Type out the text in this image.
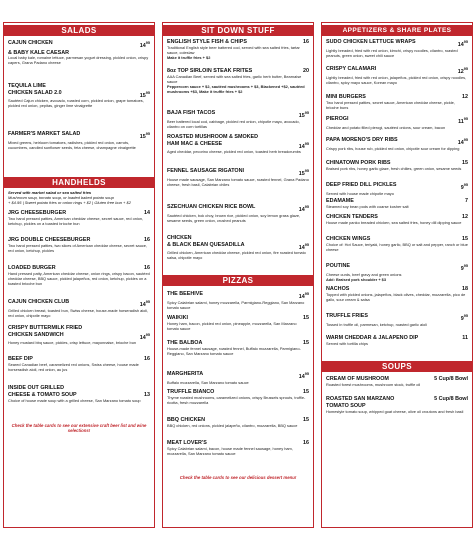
SALADS
CAJUN CHICKEN	$14^{95}$
& BABY KALE CAESAR
Local baby kale, romaine lettuce, parmesan yogurt dressing, pickled onion, crispy capers, Grana Padano cheese
TEQUILA LIME
CHICKEN SALAD 2.0	$15^{95}$
Sautéed Cajun chicken, avocado, roasted corn, pickled onion, grape tomatoes, pickled red onion, pepitas, ginger lime vinaigrette
FARMER'S MARKET SALAD	$15^{95}$
Mixed greens, heirloom tomatoes, radishes, pickled red onion, carrots, cucumbers, candied sunflower seeds, feta cheese, champagne vinaigrette
HANDHELDS
Served with market salad or sea salted fries
Mushroom soup, tomato soup, or loaded baked potato soup
+ $4.95 | Sweet potato fries or onion rings + $2 | Gluten free bun + $2
JRG CHEESEBURGER	14
Two hand pressed patties, American cheddar cheese, secret sauce, red onion, ketchup, pickles on a toasted brioche bun
JRG DOUBLE CHEESEBURGER	16
Two hand pressed patties, two slices of American cheddar cheese, secret sauce, red onion, ketchup, pickles
LOADED BURGER	16
Hand pressed patty, American cheddar cheese, onion rings, crispy bacon, sautéed cheddar cheese, BBQ sauce, pickled jalapeños, red onion, ketchup, pickles on a toasted brioche bun
CAJUN CHICKEN CLUB	$14^{95}$
Grilled chicken breast, toasted bun, Swiss cheese, house-made horseradish aioli, red onion, chipotle mayo
CRISPY BUTTERMILK FRIED
CHICKEN SANDWICH	$14^{95}$
Honey mustard bbq sauce, pickles, crisp lettuce, mayonnaise, brioche bun
BEEF DIP	16
Seared Canadian beef, caramelized red onions, Swiss cheese, house made horseradish aioli, red onion, au jus
INSIDE OUT GRILLED
CHEESE & TOMATO SOUP	13
Choice of house made soup with a grilled cheese, San Marzano tomato soup
Check the table cards to see our extensive craft beer list and wine selections!
SIT DOWN STUFF
ENGLISH STYLE FISH & CHIPS	16
Traditional English style beer battered cod, served with sea salted fries, tartar sauce, coleslaw
Make it truffle fries + $2
8oz TOP SIRLOIN STEAK FRITES	20
AAA Canadian Beef, served with sea salted fries, garlic herb butter, Bearnaise sauce
Peppercorn sauce + $2, sautéed mushrooms + $3, Blackened +$2, sautéed mushrooms +$3, Make it truffle fries + $2
BAJA FISH TACOS	$15^{95}$
Beer battered local cod, cabbage, pickled red onion, chipotle mayo, avocado, cilantro on corn tortillas
ROASTED MUSHROOM & SMOKED
HAM MAC & CHEESE	$14^{95}$
Aged cheddar, pecorino cheese, pickled red onion, toasted herb breadcrumbs
FENNEL SAUSAGE RIGATONI	$15^{95}$
House made sausage, San Marzano tomato sauce, roasted fennel, Grana Padano cheese, fresh basil, Calabrian chiles
SZECHUAN CHICKEN RICE BOWL	$14^{95}$
Sautéed chicken, bok choy, brown rice, pickled onion, soy lemon grass glaze, sesame seeds, green onion, crushed peanuts
CHICKEN
& BLACK BEAN QUESADILLA	$14^{95}$
Grilled chicken, American cheddar cheese, pickled red onion, fire roasted tomato salsa, chipotle mayo
PIZZAS
THE BEEHIVE	$14^{95}$
Spicy Calabrian salami, honey mozzarella, Parmigiano-Reggiano, San Marzano tomato sauce
WAIKIKI	15
Honey ham, bacon, pickled red onion, pineapple, mozzarella, San Marzano tomato sauce
THE BALBOA	15
House-made fennel sausage, roasted fennel, Buffalo mozzarella, Parmigiano-Reggiano, San Marzano tomato sauce
MARGHERITA	$14^{95}$
Buffalo mozzarella, San Marzano tomato sauce
TRUFFLE BIANCO	15
Thyme roasted mushrooms, caramelized onions, crispy Brussels sprouts, truffle-ricotta, fresh mozzarella
BBQ CHICKEN	15
BBQ chicken, red onions, pickled jalapeño, cilantro, mozzarella, BBQ sauce
MEAT LOVER'S	16
Spicy Calabrian salami, bacon, house made fennel sausage, honey ham, mozzarella, San Marzano tomato sauce
Check the table cards to see our delicious dessert menu!
APPETIZERS & SHARE PLATES
SUDO CHICKEN LETTUCE WRAPS	$14^{95}$
Lightly breaded, fried with red onion, kimchi, crispy noodles, cilantro, roasted peanuts, green onion, sweet chili sauce
CRISPY CALAMARI	$12^{95}$
Lightly breaded, fried with red onion, jalapeños, pickled red onion, crispy noodles, cilantro, spicy mayo sauce, Korean mayo
MINI BURGERS	12
Two hand pressed patties, secret sauce, American cheddar cheese, pickle, brioche buns
PIEROGI	$11^{95}$
Cheddar and potato filled pierogi, sautéed onions, sour cream, bacon
PAPA MORENO'S DRY RIBS	$14^{95}$
Crispy pork ribs, house rub, pickled red onion, chipotle sour cream for dipping
CHINATOWN PORK RIBS	15
Braised pork ribs, honey garlic glaze, fresh chilies, green onion, sesame seeds
DEEP FRIED DILL PICKLES	$9^{95}$
Served with house made chipotle mayo
EDAMAME	7
Steamed soy bean pods with coarse kosher salt
CHICKEN TENDERS	12
House made panko breaded chicken, sea salted fries, honey dill dipping sauce
CHICKEN WINGS	15
Choice of: Hot Sauce, teriyaki, honey garlic, BBQ or salt and pepper, ranch or blue cheese
POUTINE	$9^{95}$
Cheese curds, beef gravy and green onions
Add: Braised pork shoulder + $3
NACHOS	18
Topped with pickled onions, jalapeños, black olives, cheddar, mozzarella, pico de gallo, sour cream & salsa
TRUFFLE FRIES	$9^{95}$
Tossed in truffle oil, parmesan, ketchup, roasted garlic aioli
WARM CHEDDAR & JALAPEÑO DIP	11
Served with tortilla chips
SOUPS
CREAM OF MUSHROOM	5 Cup/8 Bowl
Roasted forest mushrooms, mushroom stock, truffle oil
ROASTED SAN MARZANO	5 Cup/8 Bowl
TOMATO SOUP
Homestyle tomato soup, whipped goat cheese, olive oil croutons and fresh basil
